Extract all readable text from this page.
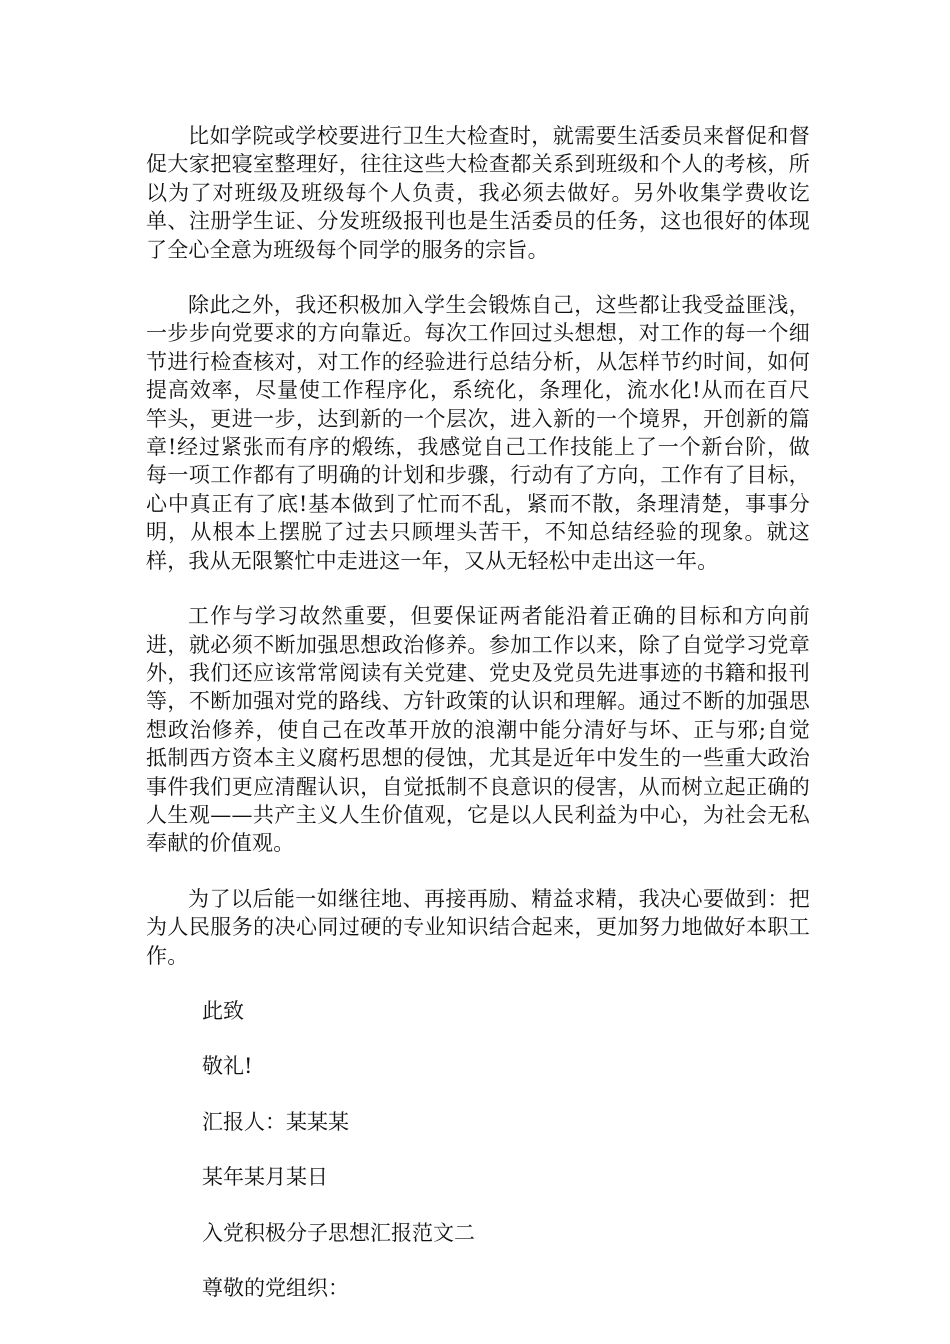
比如学院或学校要进行卫生大检查时，就需要生活委员来督促和督促大家把寝室整理好，往往这些大检查都关系到班级和个人的考核，所以为了对班级及班级每个人负责，我必须去做好。另外收集学费收讫单、注册学生证、分发班级报刊也是生活委员的任务，这也很好的体现了全心全意为班级每个同学的服务的宗旨。

除此之外，我还积极加入学生会锻炼自己，这些都让我受益匪浅，一步步向党要求的方向靠近。每次工作回过头想想，对工作的每一个细节进行检查核对，对工作的经验进行总结分析，从怎样节约时间，如何提高效率，尽量使工作程序化，系统化，条理化，流水化!从而在百尺竿头，更进一步，达到新的一个层次，进入新的一个境界，开创新的篇章!经过紧张而有序的煅练，我感觉自己工作技能上了一个新台阶，做每一项工作都有了明确的计划和步骤，行动有了方向，工作有了目标，心中真正有了底!基本做到了忙而不乱，紧而不散，条理清楚，事事分明，从根本上摆脱了过去只顾埋头苦干，不知总结经验的现象。就这样，我从无限繁忙中走进这一年，又从无轻松中走出这一年。

工作与学习故然重要，但要保证两者能沿着正确的目标和方向前进，就必须不断加强思想政治修养。参加工作以来，除了自觉学习党章外，我们还应该常常阅读有关党建、党史及党员先进事迹的书籍和报刊等，不断加强对党的路线、方针政策的认识和理解。通过不断的加强思想政治修养，使自己在改革开放的浪潮中能分清好与坏、正与邪;自觉抵制西方资本主义腐朽思想的侵蚀，尤其是近年中发生的一些重大政治事件我们更应清醒认识，自觉抵制不良意识的侵害，从而树立起正确的人生观——共产主义人生价值观，它是以人民利益为中心，为社会无私奉献的价值观。

为了以后能一如继往地、再接再励、精益求精，我决心要做到：把为人民服务的决心同过硬的专业知识结合起来，更加努力地做好本职工作。

此致

敬礼!

汇报人：某某某

某年某月某日

入党积极分子思想汇报范文二

尊敬的党组织：
